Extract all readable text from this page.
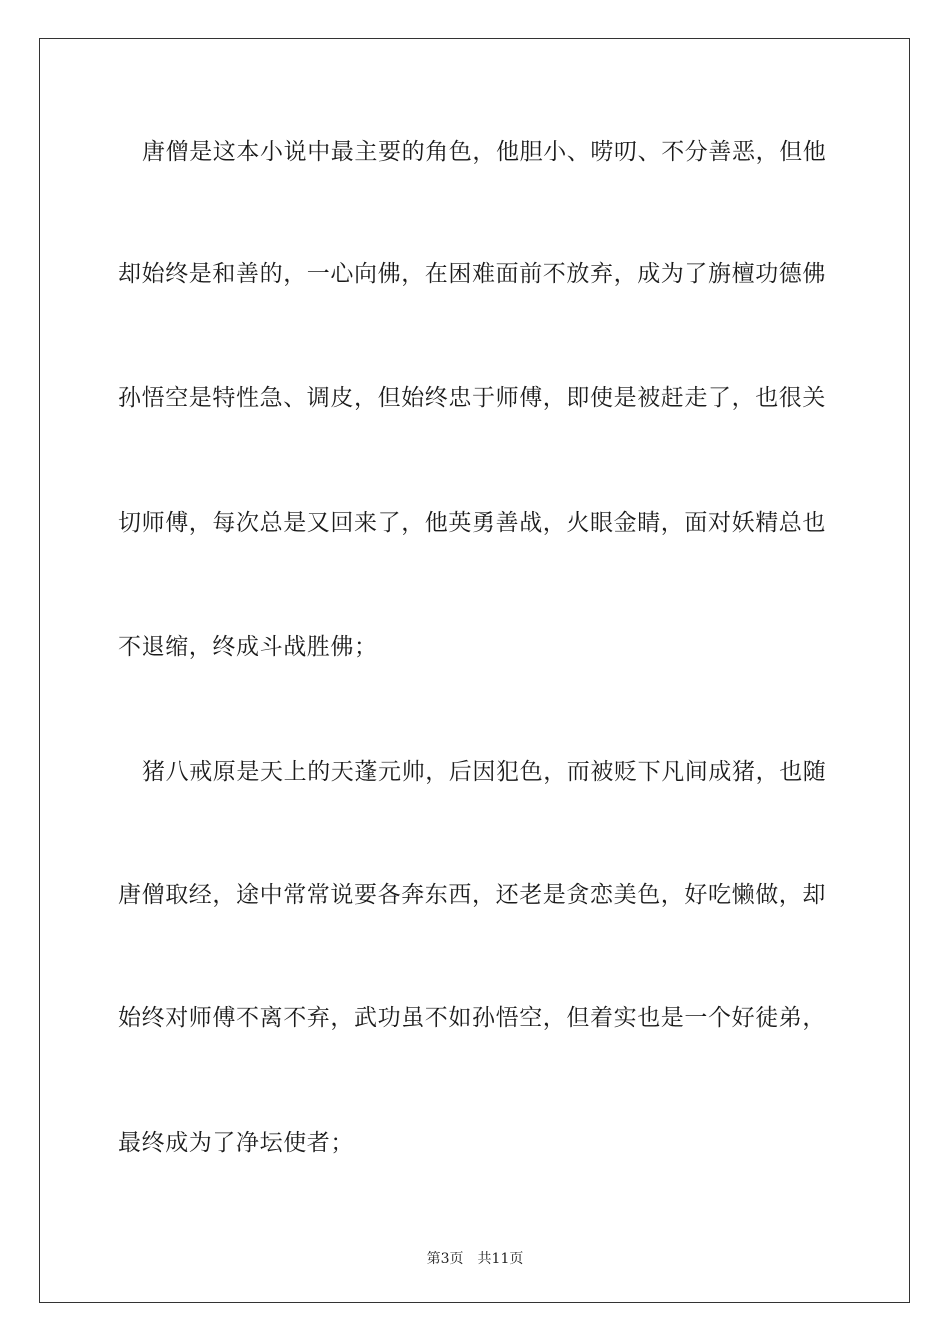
唐僧是这本小说中最主要的角色，他胆小、唠叨、不分善恶，但他
却始终是和善的，一心向佛，在困难面前不放弃，成为了旃檀功德佛
孙悟空是特性急、调皮，但始终忠于师傅，即使是被赶走了，也很关
切师傅，每次总是又回来了，他英勇善战，火眼金睛，面对妖精总也
不退缩，终成斗战胜佛；
猪八戒原是天上的天蓬元帅，后因犯色，而被贬下凡间成猪，也随
唐僧取经，途中常常说要各奔东西，还老是贪恋美色，好吃懒做，却
始终对师傅不离不弃，武功虽不如孙悟空，但着实也是一个好徒弟，
最终成为了净坛使者；
第3页 共11页
